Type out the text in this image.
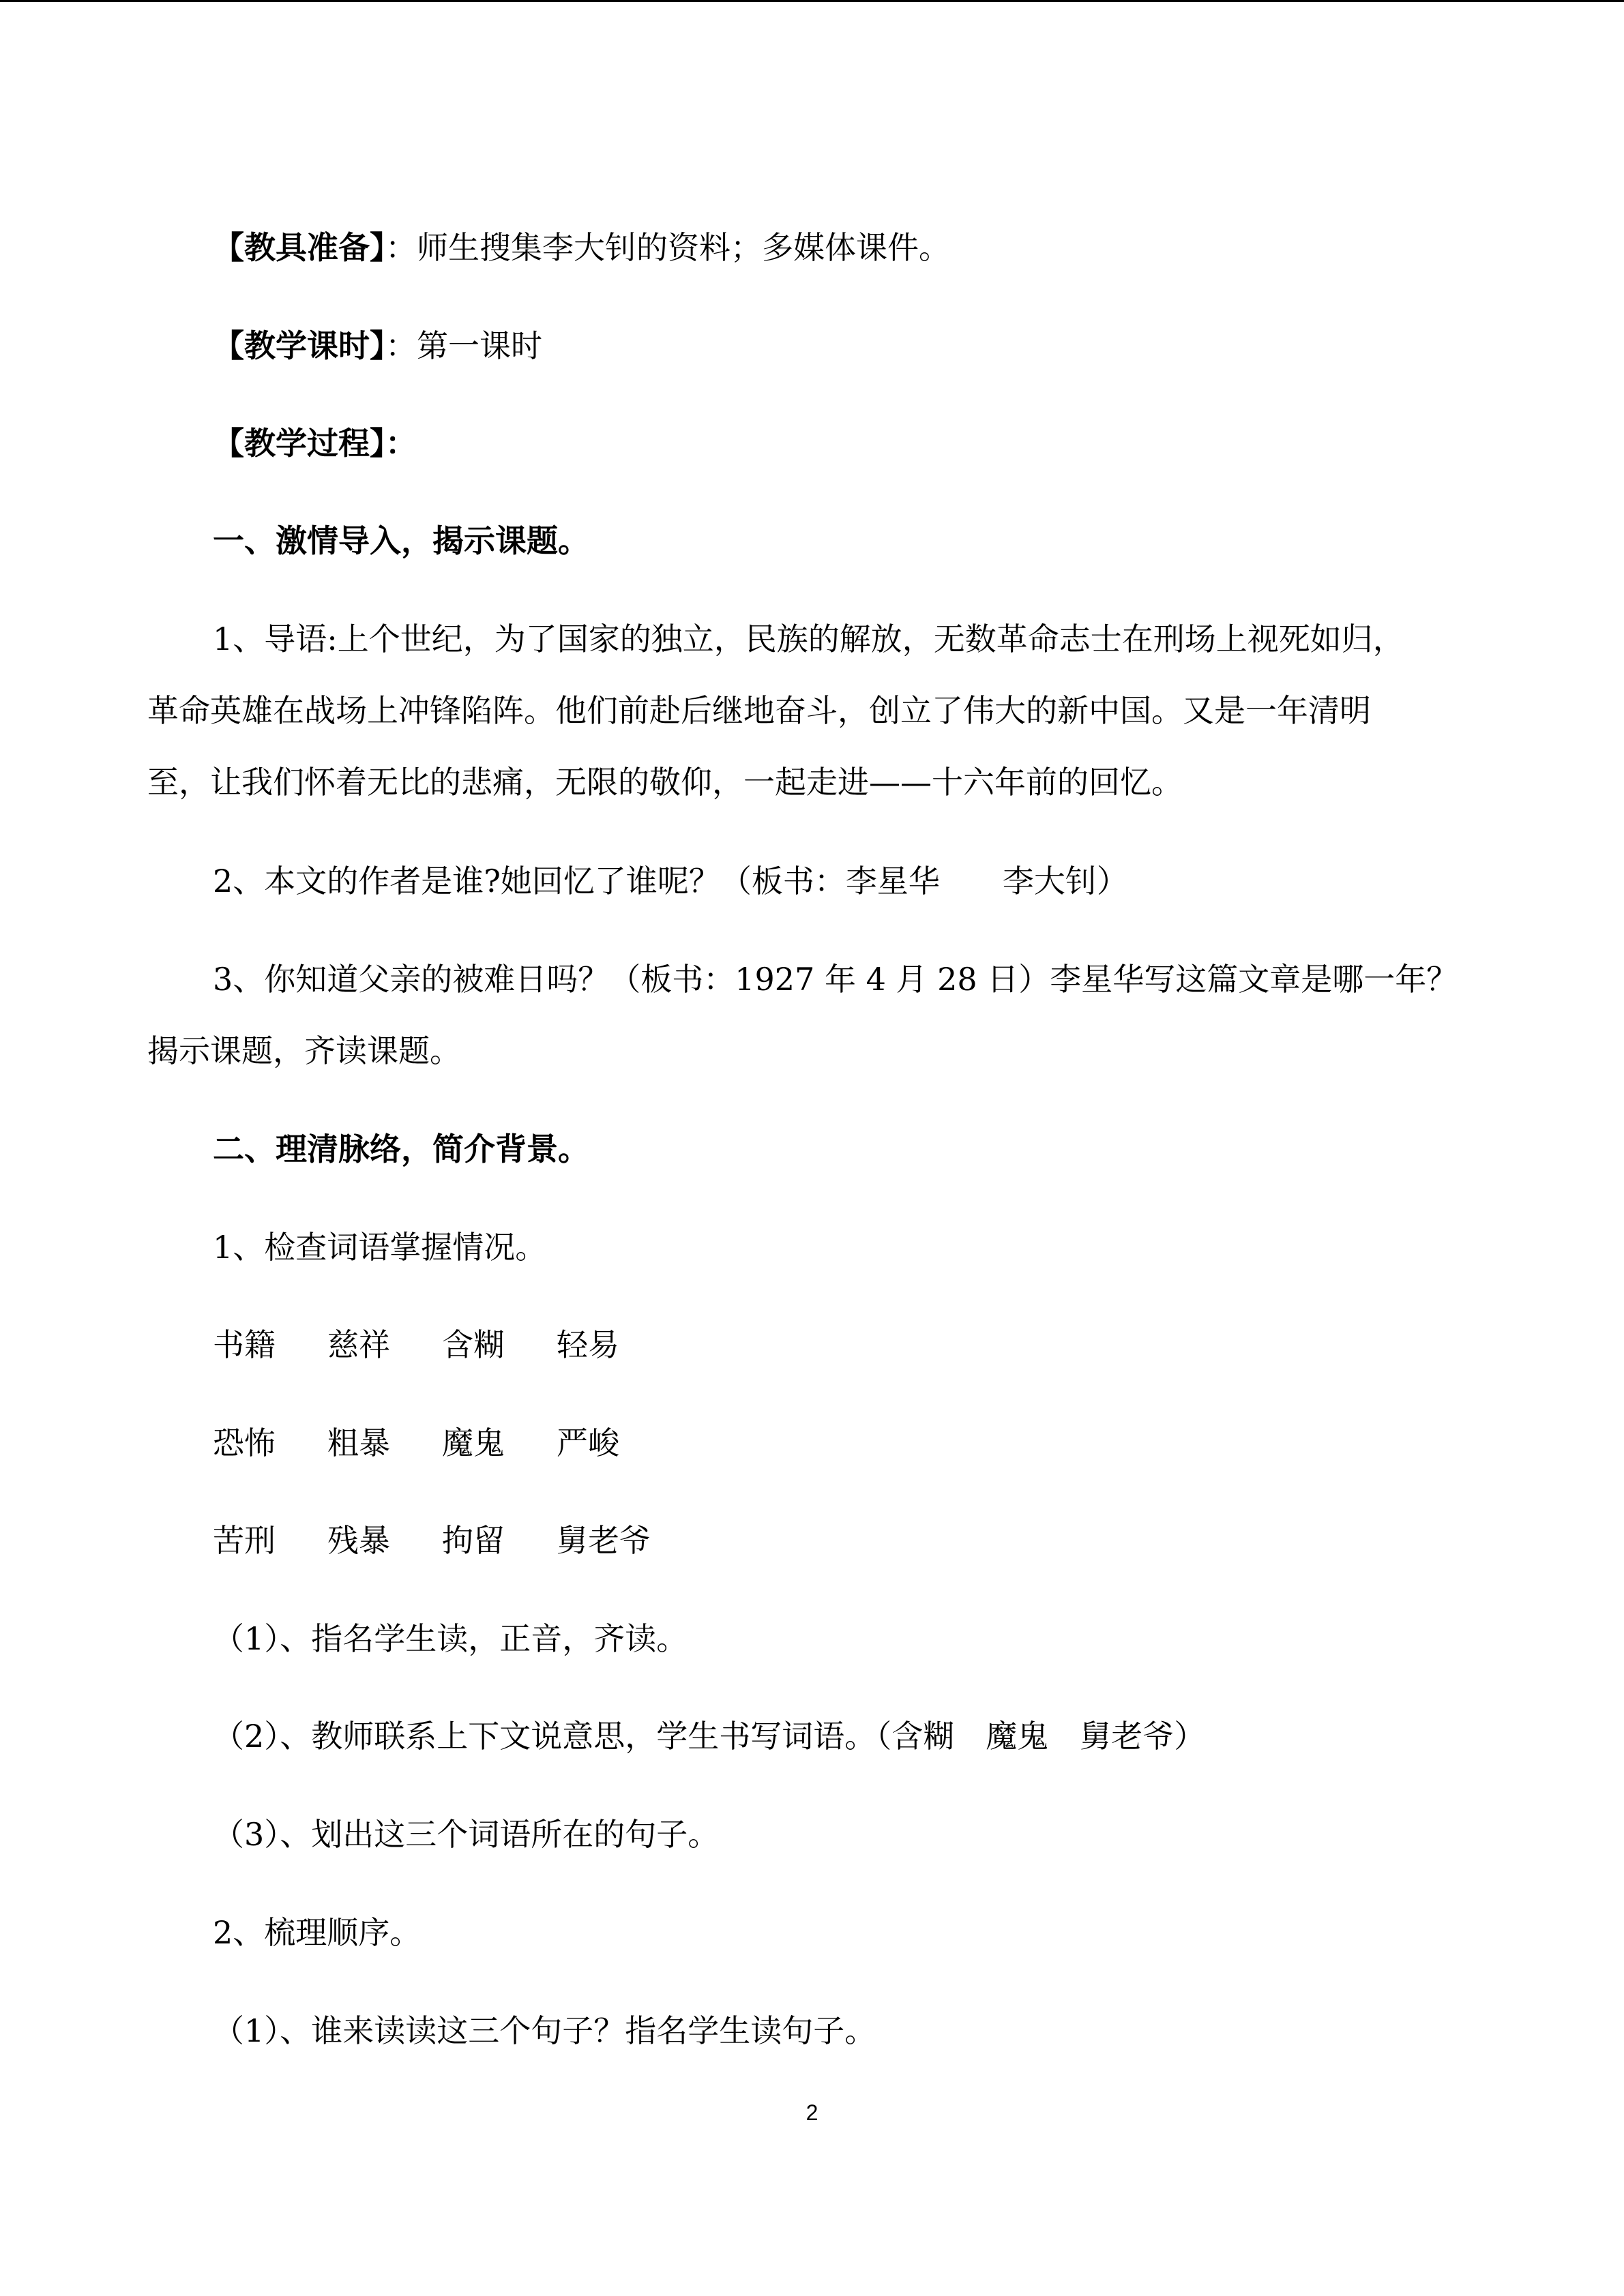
【教具准备】：师生搜集李大钊的资料；多媒体课件。
【教学课时】：第一课时
【教学过程】：
一、激情导入，揭示课题。
1、导语:上个世纪，为了国家的独立，民族的解放，无数革命志士在刑场上视死如归，
革命英雄在战场上冲锋陷阵。他们前赴后继地奋斗，创立了伟大的新中国。又是一年清明
至，让我们怀着无比的悲痛，无限的敬仰，一起走进——十六年前的回忆。
2、本文的作者是谁?她回忆了谁呢？（板书：李星华　　李大钊）
3、你知道父亲的被难日吗？（板书：1927 年 4 月 28 日）李星华写这篇文章是哪一年？
揭示课题，齐读课题。
二、理清脉络，简介背景。
1、检查词语掌握情况。
书籍 慈祥 含糊 轻易
恐怖 粗暴 魔鬼 严峻
苦刑 残暴 拘留 舅老爷
（1）、指名学生读，正音，齐读。
（2）、教师联系上下文说意思，学生书写词语。（含糊　魔鬼　舅老爷）
（3）、划出这三个词语所在的句子。
2、梳理顺序。
（1）、谁来读读这三个句子？指名学生读句子。
2
